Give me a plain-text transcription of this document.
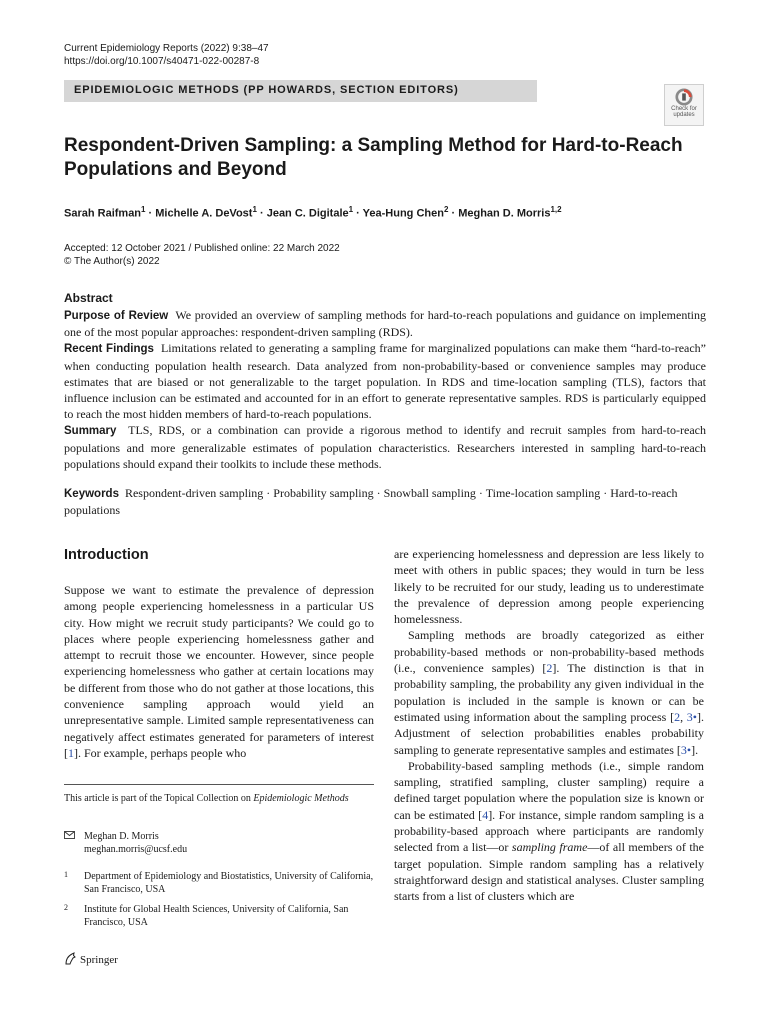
Current Epidemiology Reports (2022) 9:38–47
https://doi.org/10.1007/s40471-022-00287-8
EPIDEMIOLOGIC METHODS (PP HOWARDS, SECTION EDITORS)
Check for
updates
Respondent-Driven Sampling: a Sampling Method for Hard-to-Reach Populations and Beyond
Sarah Raifman$^1$ · Michelle A. DeVost$^1$ · Jean C. Digitale$^1$ · Yea-Hung Chen$^2$ · Meghan D. Morris$^{1,2}$
Accepted: 12 October 2021 / Published online: 22 March 2022
© The Author(s) 2022
Abstract

Purpose of Review We provided an overview of sampling methods for hard-to-reach populations and guidance on implementing one of the most popular approaches: respondent-driven sampling (RDS).

Recent Findings Limitations related to generating a sampling frame for marginalized populations can make them “hard-to-reach” when conducting population health research. Data analyzed from non-probability-based or convenience samples may produce estimates that are biased or not generalizable to the target population. In RDS and time-location sampling (TLS), factors that influence inclusion can be estimated and accounted for in an effort to generate representative samples. RDS is particularly equipped to reach the most hidden members of hard-to-reach populations.

Summary TLS, RDS, or a combination can provide a rigorous method to identify and recruit samples from hard-to-reach populations and more generalizable estimates of population characteristics. Researchers interested in sampling hard-to-reach populations should expand their toolkits to include these methods.

Keywords Respondent-driven sampling · Probability sampling · Snowball sampling · Time-location sampling · Hard-to-reach populations
Introduction

Suppose we want to estimate the prevalence of depression among people experiencing homelessness in a particular US city. How might we recruit study participants? We could go to places where people experiencing homelessness gather and attempt to recruit those we encounter. However, since people experiencing homelessness who gather at certain locations may be different from those who do not gather at those locations, this convenience sampling approach would yield an unrepresentative sample. Limited sample representativeness can negatively affect estimates generated for parameters of interest [1]. For example, perhaps people who

are experiencing homelessness and depression are less likely to meet with others in public spaces; they would in turn be less likely to be recruited for our study, leading us to underestimate the prevalence of depression among people experiencing homelessness.

Sampling methods are broadly categorized as either probability-based methods or non-probability-based methods (i.e., convenience samples) [2]. The distinction is that in probability sampling, the probability any given individual in the population is included in the sample is known or can be estimated using information about the sampling process [2, 3•]. Adjustment of selection probabilities enables probability sampling to generate representative samples and estimates [3•].

Probability-based sampling methods (i.e., simple random sampling, stratified sampling, cluster sampling) require a defined target population where the population size is known or can be estimated [4]. For instance, simple random sampling is a probability-based approach where participants are randomly selected from a list—or sampling frame—of all members of the target population. Simple random sampling has a relatively straightforward design and statistical analyses. Cluster sampling starts from a list of clusters which are

This article is part of the Topical Collection on Epidemiologic Methods
Meghan D. Morris
meghan.morris@ucsf.edu
1 Department of Epidemiology and Biostatistics, University of California, San Francisco, USA
2 Institute for Global Health Sciences, University of California, San Francisco, USA
Springer
